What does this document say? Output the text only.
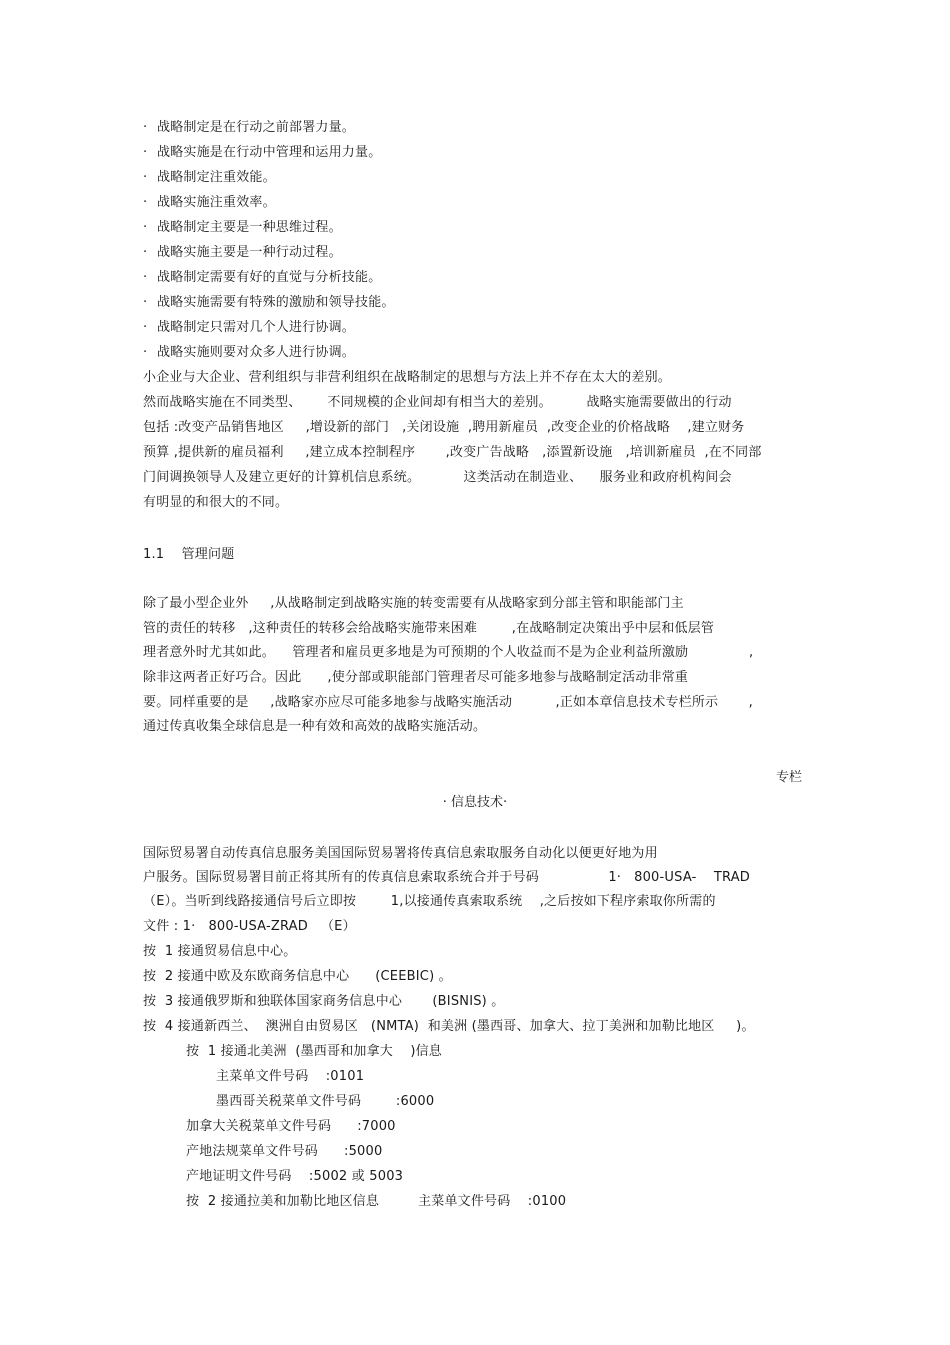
· 战略制定是在行动之前部署力量。
· 战略实施是在行动中管理和运用力量。
· 战略制定注重效能。
· 战略实施注重效率。
· 战略制定主要是一种思维过程。
· 战略实施主要是一种行动过程。
· 战略制定需要有好的直觉与分析技能。
· 战略实施需要有特殊的激励和领导技能。
· 战略制定只需对几个人进行协调。
· 战略实施则要对众多人进行协调。
小企业与大企业、营利组织与非营利组织在战略制定的思想与方法上并不存在太大的差别。
然而战略实施在不同类型、      不同规模的企业间却有相当大的差别。        战略实施需要做出的行动
包括 :改变产品销售地区     ,增设新的部门   ,关闭设施  ,聘用新雇员  ,改变企业的价格战略    ,建立财务
预算 ,提供新的雇员福利     ,建立成本控制程序       ,改变广告战略   ,添置新设施   ,培训新雇员  ,在不同部
门间调换领导人及建立更好的计算机信息系统。          这类活动在制造业、    服务业和政府机构间会
有明显的和很大的不同。
1.1    管理问题
除了最小型企业外     ,从战略制定到战略实施的转变需要有从战略家到分部主管和职能部门主
管的责任的转移   ,这种责任的转移会给战略实施带来困难        ,在战略制定决策出乎中层和低层管
理者意外时尤其如此。    管理者和雇员更多地是为可预期的个人收益而不是为企业利益所激励              ,
除非这两者正好巧合。因此      ,使分部或职能部门管理者尽可能多地参与战略制定活动非常重
要。同样重要的是     ,战略家亦应尽可能多地参与战略实施活动          ,正如本章信息技术专栏所示       ,
通过传真收集全球信息是一种有效和高效的战略实施活动。
专栏
· 信息技术·
国际贸易署自动传真信息服务美国国际贸易署将传真信息索取服务自动化以便更好地为用
户服务。国际贸易署目前正将其所有的传真信息索取系统合并于号码                1·   800-USA-    TRAD
（E）。当听到线路接通信号后立即按        1,以接通传真索取系统    ,之后按如下程序索取你所需的
文件 : 1·   800-USA-ZRAD   （E）
按  1 接通贸易信息中心。
按  2 接通中欧及东欧商务信息中心      (CEEBIC) 。
按  3 接通俄罗斯和独联体国家商务信息中心       (BISNIS) 。
按  4 接通新西兰、  澳洲自由贸易区   (NMTA)  和美洲 (墨西哥、加拿大、拉丁美洲和加勒比地区     )。
按  1 接通北美洲  (墨西哥和加拿大    )信息
主菜单文件号码    :0101
墨西哥关税菜单文件号码        :6000
加拿大关税菜单文件号码      :7000
产地法规菜单文件号码      :5000
产地证明文件号码    :5002 或 5003
按  2 接通拉美和加勒比地区信息         主菜单文件号码    :0100
